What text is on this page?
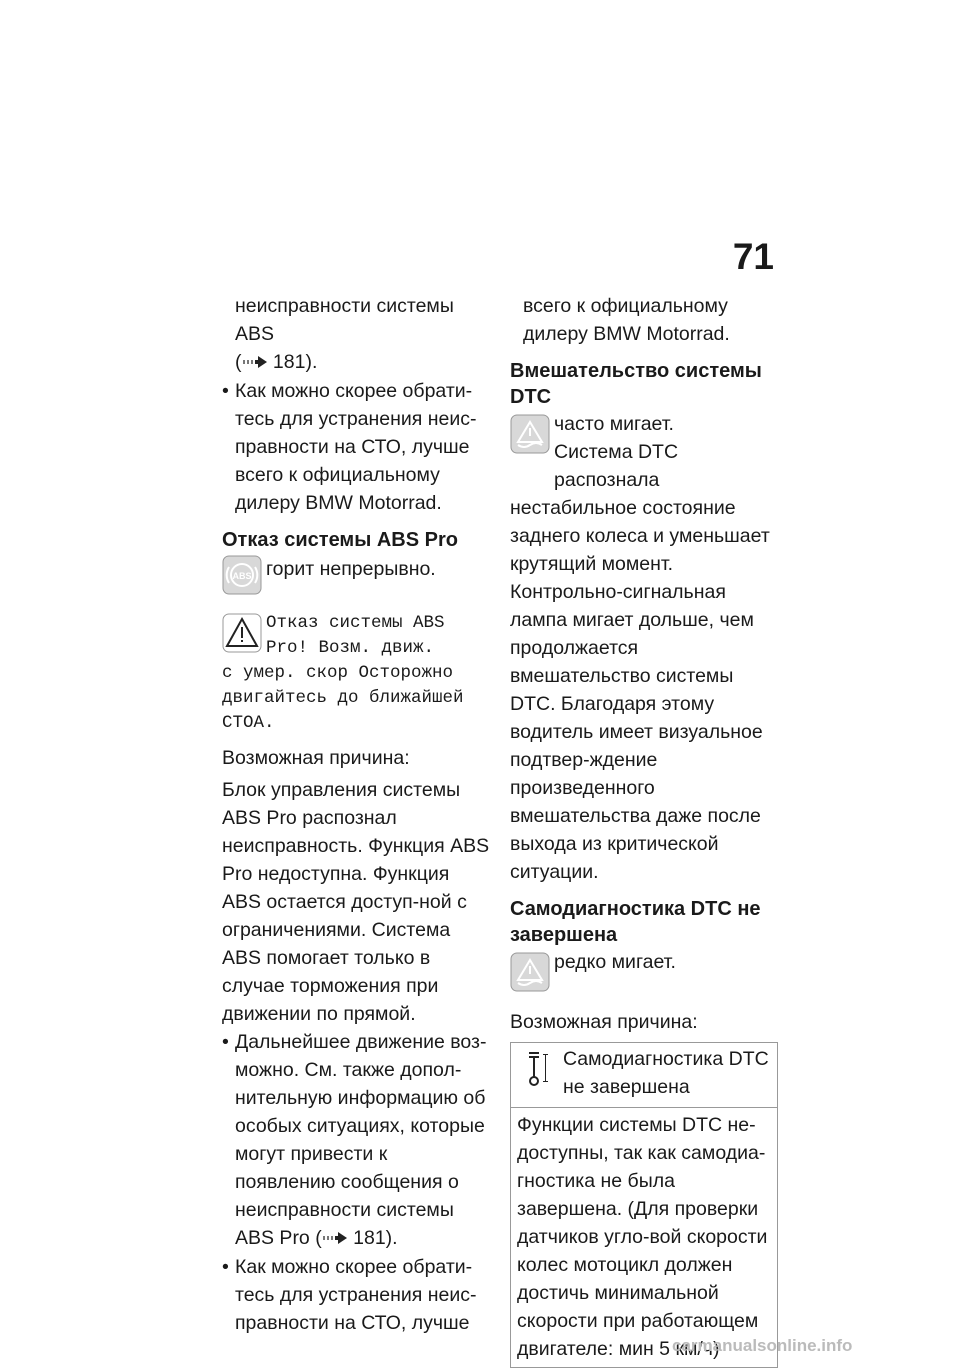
71

неисправности системы ABS
( 181).

• Как можно скорее обрати-тесь для устранения неис-правности на СТО, лучше всего к официальному дилеру BMW Motorrad.

Отказ системы ABS Pro
ABS горит непрерывно.
Отказ системы ABS
Pro! Возм. движ.

с умер. скор Осторожно двигайтесь до ближайшей СТОА.

Возможная причина:

Блок управления системы ABS Pro распознал неисправность. Функция ABS Pro недоступна. Функция ABS остается доступ-ной с ограничениями. Система ABS помогает только в случае торможения при движении по прямой.

• Дальнейшее движение воз-можно. См. также допол-нительную информацию об особых ситуациях, которые могут привести к появлению сообщения о неисправности системы ABS Pro ( 181).

• Как можно скорее обрати-тесь для устранения неис-правности на СТО, лучше

всего к официальному дилеру BMW Motorrad.

Вмешательство системы DTC
часто мигает.
Система DTC распознала

нестабильное состояние заднего колеса и уменьшает крутящий момент. Контрольно-сигнальная лампа мигает дольше, чем продолжается вмешательство системы DTC. Благодаря этому водитель имеет визуальное подтвер-ждение произведенного вмешательства даже после выхода из критической ситуации.

Самодиагностика DTC не завершена
редко мигает.

Возможная причина:

Самодиагностика DTC не завершена

Функции системы DTC не-доступны, так как самодиа-гностика не была завершена. (Для проверки датчиков угло-вой скорости колес мотоцикл должен достичь минимальной скорости при работающем двигателе: мин 5 км/ч)

carmanualsonline.info
